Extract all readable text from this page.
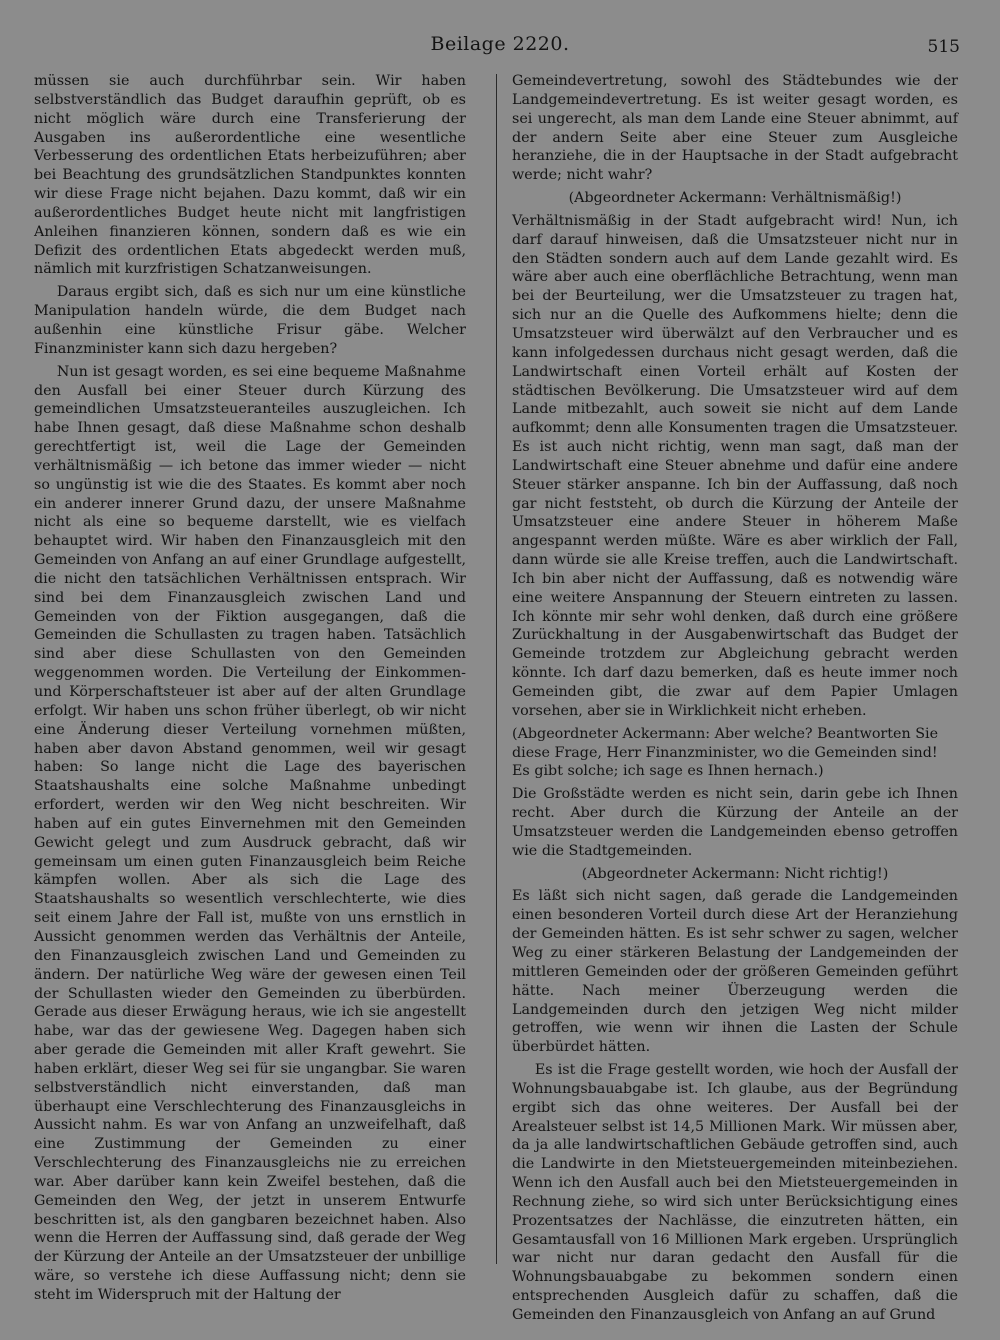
Beilage 2220.	515

müssen sie auch durchführbar sein. Wir haben selbstverständlich das Budget daraufhin geprüft, ob es nicht möglich wäre durch eine Transferierung der Ausgaben ins außerordentliche eine wesentliche Verbesserung des ordentlichen Etats herbeizuführen; aber bei Beachtung des grundsätzlichen Standpunktes konnten wir diese Frage nicht bejahen. Dazu kommt, daß wir ein außerordentliches Budget heute nicht mit langfristigen Anleihen finanzieren können, sondern daß es wie ein Defizit des ordentlichen Etats abgedeckt werden muß, nämlich mit kurzfristigen Schatzanweisungen.

Daraus ergibt sich, daß es sich nur um eine künstliche Manipulation handeln würde, die dem Budget nach außenhin eine künstliche Frisur gäbe. Welcher Finanzminister kann sich dazu hergeben?

Nun ist gesagt worden, es sei eine bequeme Maßnahme den Ausfall bei einer Steuer durch Kürzung des gemeindlichen Umsatzsteueranteiles auszugleichen. Ich habe Ihnen gesagt, daß diese Maßnahme schon deshalb gerechtfertigt ist, weil die Lage der Gemeinden verhältnismäßig — ich betone das immer wieder — nicht so ungünstig ist wie die des Staates. Es kommt aber noch ein anderer innerer Grund dazu, der unsere Maßnahme nicht als eine so bequeme darstellt, wie es vielfach behauptet wird. Wir haben den Finanzausgleich mit den Gemeinden von Anfang an auf einer Grundlage aufgestellt, die nicht den tatsächlichen Verhältnissen entsprach. Wir sind bei dem Finanzausgleich zwischen Land und Gemeinden von der Fiktion ausgegangen, daß die Gemeinden die Schullasten zu tragen haben. Tatsächlich sind aber diese Schullasten von den Gemeinden weggenommen worden. Die Verteilung der Einkommen- und Körperschaftsteuer ist aber auf der alten Grundlage erfolgt. Wir haben uns schon früher überlegt, ob wir nicht eine Änderung dieser Verteilung vornehmen müßten, haben aber davon Abstand genommen, weil wir gesagt haben: So lange nicht die Lage des bayerischen Staatshaushalts eine solche Maßnahme unbedingt erfordert, werden wir den Weg nicht beschreiten. Wir haben auf ein gutes Einvernehmen mit den Gemeinden Gewicht gelegt und zum Ausdruck gebracht, daß wir gemeinsam um einen guten Finanzausgleich beim Reiche kämpfen wollen. Aber als sich die Lage des Staatshaushalts so wesentlich verschlechterte, wie dies seit einem Jahre der Fall ist, mußte von uns ernstlich in Aussicht genommen werden das Verhältnis der Anteile, den Finanzausgleich zwischen Land und Gemeinden zu ändern. Der natürliche Weg wäre der gewesen einen Teil der Schullasten wieder den Gemeinden zu überbürden. Gerade aus dieser Erwägung heraus, wie ich sie angestellt habe, war das der gewiesene Weg. Dagegen haben sich aber gerade die Gemeinden mit aller Kraft gewehrt. Sie haben erklärt, dieser Weg sei für sie ungangbar. Sie waren selbstverständlich nicht einverstanden, daß man überhaupt eine Verschlechterung des Finanzausgleichs in Aussicht nahm. Es war von Anfang an unzweifelhaft, daß eine Zustimmung der Gemeinden zu einer Verschlechterung des Finanzausgleichs nie zu erreichen war. Aber darüber kann kein Zweifel bestehen, daß die Gemeinden den Weg, der jetzt in unserem Entwurfe beschritten ist, als den gangbaren bezeichnet haben. Also wenn die Herren der Auffassung sind, daß gerade der Weg der Kürzung der Anteile an der Umsatzsteuer der unbillige wäre, so verstehe ich diese Auffassung nicht; denn sie steht im Widerspruch mit der Haltung der

Gemeindevertretung, sowohl des Städtebundes wie der Landgemeindevertretung. Es ist weiter gesagt worden, es sei ungerecht, als man dem Lande eine Steuer abnimmt, auf der andern Seite aber eine Steuer zum Ausgleiche heranziehe, die in der Hauptsache in der Stadt aufgebracht werde; nicht wahr?

(Abgeordneter Ackermann: Verhältnismäßig!)

Verhältnismäßig in der Stadt aufgebracht wird! Nun, ich darf darauf hinweisen, daß die Umsatzsteuer nicht nur in den Städten sondern auch auf dem Lande gezahlt wird. Es wäre aber auch eine oberflächliche Betrachtung, wenn man bei der Beurteilung, wer die Umsatzsteuer zu tragen hat, sich nur an die Quelle des Aufkommens hielte; denn die Umsatzsteuer wird überwälzt auf den Verbraucher und es kann infolgedessen durchaus nicht gesagt werden, daß die Landwirtschaft einen Vorteil erhält auf Kosten der städtischen Bevölkerung. Die Umsatzsteuer wird auf dem Lande mitbezahlt, auch soweit sie nicht auf dem Lande aufkommt; denn alle Konsumenten tragen die Umsatzsteuer. Es ist auch nicht richtig, wenn man sagt, daß man der Landwirtschaft eine Steuer abnehme und dafür eine andere Steuer stärker anspanne. Ich bin der Auffassung, daß noch gar nicht feststeht, ob durch die Kürzung der Anteile der Umsatzsteuer eine andere Steuer in höherem Maße angespannt werden müßte. Wäre es aber wirklich der Fall, dann würde sie alle Kreise treffen, auch die Landwirtschaft. Ich bin aber nicht der Auffassung, daß es notwendig wäre eine weitere Anspannung der Steuern eintreten zu lassen. Ich könnte mir sehr wohl denken, daß durch eine größere Zurückhaltung in der Ausgabenwirtschaft das Budget der Gemeinde trotzdem zur Abgleichung gebracht werden könnte. Ich darf dazu bemerken, daß es heute immer noch Gemeinden gibt, die zwar auf dem Papier Umlagen vorsehen, aber sie in Wirklichkeit nicht erheben.

(Abgeordneter Ackermann: Aber welche? Beantworten Sie diese Frage, Herr Finanzminister, wo die Gemeinden sind! Es gibt solche; ich sage es Ihnen hernach.)

Die Großstädte werden es nicht sein, darin gebe ich Ihnen recht. Aber durch die Kürzung der Anteile an der Umsatzsteuer werden die Landgemeinden ebenso getroffen wie die Stadtgemeinden.

(Abgeordneter Ackermann: Nicht richtig!)

Es läßt sich nicht sagen, daß gerade die Landgemeinden einen besonderen Vorteil durch diese Art der Heranziehung der Gemeinden hätten. Es ist sehr schwer zu sagen, welcher Weg zu einer stärkeren Belastung der Landgemeinden der mittleren Gemeinden oder der größeren Gemeinden geführt hätte. Nach meiner Überzeugung werden die Landgemeinden durch den jetzigen Weg nicht milder getroffen, wie wenn wir ihnen die Lasten der Schule überbürdet hätten.

Es ist die Frage gestellt worden, wie hoch der Ausfall der Wohnungsbauabgabe ist. Ich glaube, aus der Begründung ergibt sich das ohne weiteres. Der Ausfall bei der Arealsteuer selbst ist 14,5 Millionen Mark. Wir müssen aber, da ja alle landwirtschaftlichen Gebäude getroffen sind, auch die Landwirte in den Mietsteuergemeinden miteinbeziehen. Wenn ich den Ausfall auch bei den Mietsteuergemeinden in Rechnung ziehe, so wird sich unter Berücksichtigung eines Prozentsatzes der Nachlässe, die einzutreten hätten, ein Gesamtausfall von 16 Millionen Mark ergeben. Ursprünglich war nicht nur daran gedacht den Ausfall für die Wohnungsbauabgabe zu bekommen sondern einen entsprechenden Ausgleich dafür zu schaffen, daß die Gemeinden den Finanzausgleich von Anfang an auf Grund
